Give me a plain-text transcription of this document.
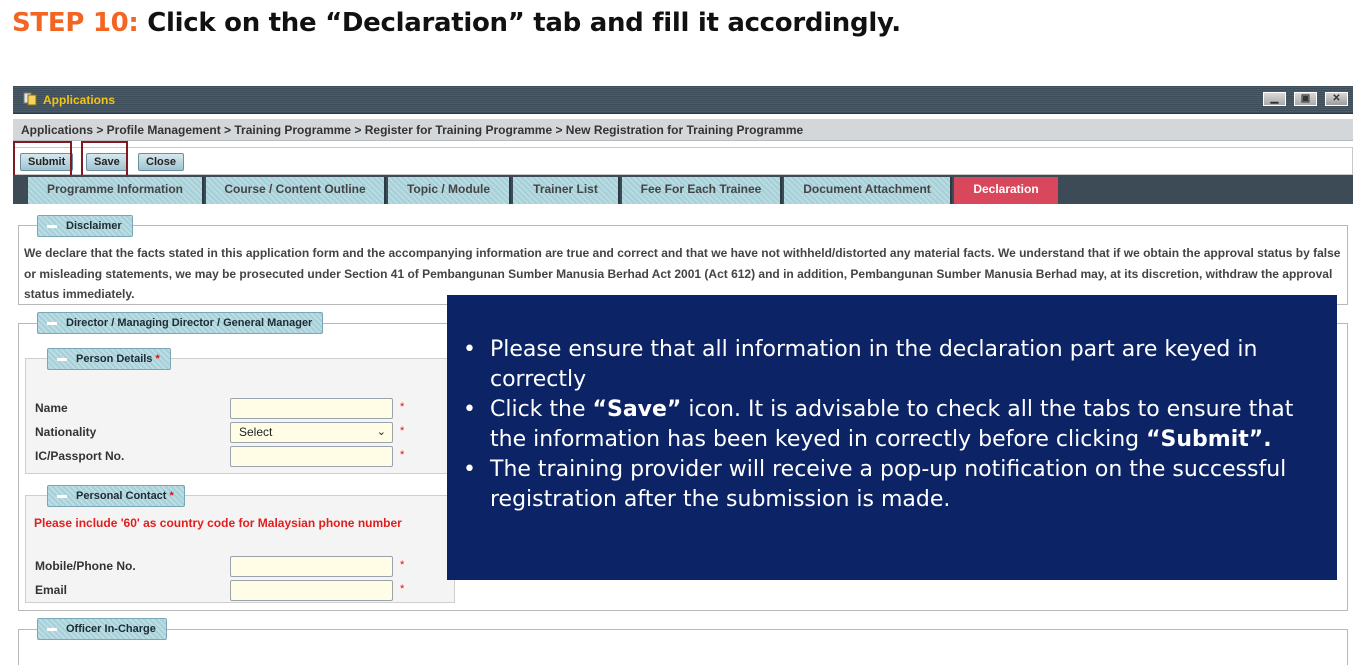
STEP 10: Click on the “Declaration” tab and fill it accordingly.
Applications	▁	▣	✕
Applications > Profile Management > Training Programme > Register for Training Programme > New Registration for Training Programme
Submit	Save	Close
Programme Information	Course / Content Outline	Topic / Module	Trainer List	Fee For Each Trainee	Document Attachment	Declaration
Disclaimer
We declare that the facts stated in this application form and the accompanying information are true and correct and that we have not withheld/distorted any material facts. We understand that if we obtain the approval status by false or misleading statements, we may be prosecuted under Section 41 of Pembangunan Sumber Manusia Berhad Act 2001 (Act 612) and in addition, Pembangunan Sumber Manusia Berhad may, at its discretion, withdraw the approval status immediately.
Director / Managing Director / General Manager
Person Details *
Name	*
Nationality	Select	⌄ *
IC/Passport No.	*
Personal Contact *
Please include '60' as country code for Malaysian phone number
Mobile/Phone No.	*
Email	*
Officer In-Charge
• Please ensure that all information in the declaration part are keyed in correctly
• Click the “Save” icon. It is advisable to check all the tabs to ensure that the information has been keyed in correctly before clicking “Submit”.
• The training provider will receive a pop-up notification on the successful registration after the submission is made.
